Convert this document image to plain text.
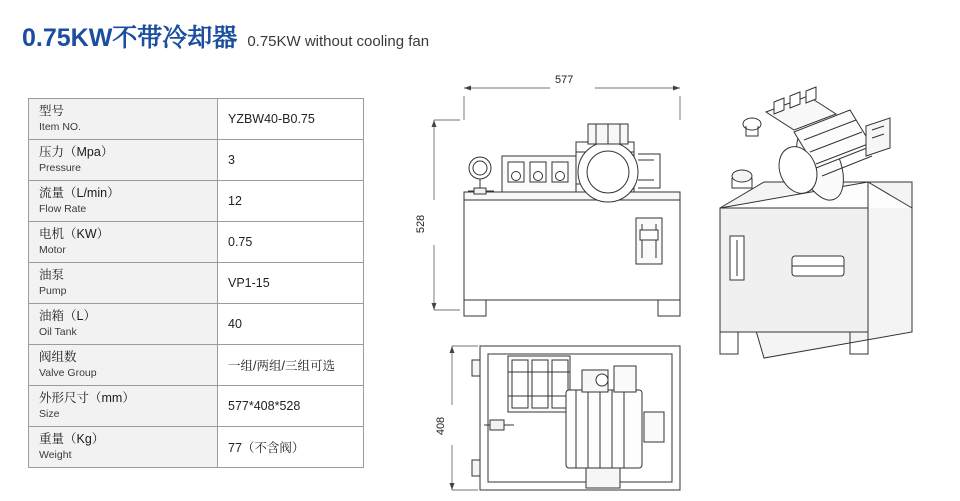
0.75KW不带冷却器 0.75KW without cooling fan
型号
Item NO.	YZBW40-B0.75

压力（Mpa）
Pressure	3

流量（L/min）
Flow Rate	12

电机（KW）
Motor	0.75

油泵
Pump	VP1-15

油箱（L）
Oil Tank	40

阀组数
Valve Group	一组/两组/三组可选

外形尺寸（mm）
Size	577*408*528

重量（Kg）
Weight	77（不含阀）
577
528
408
